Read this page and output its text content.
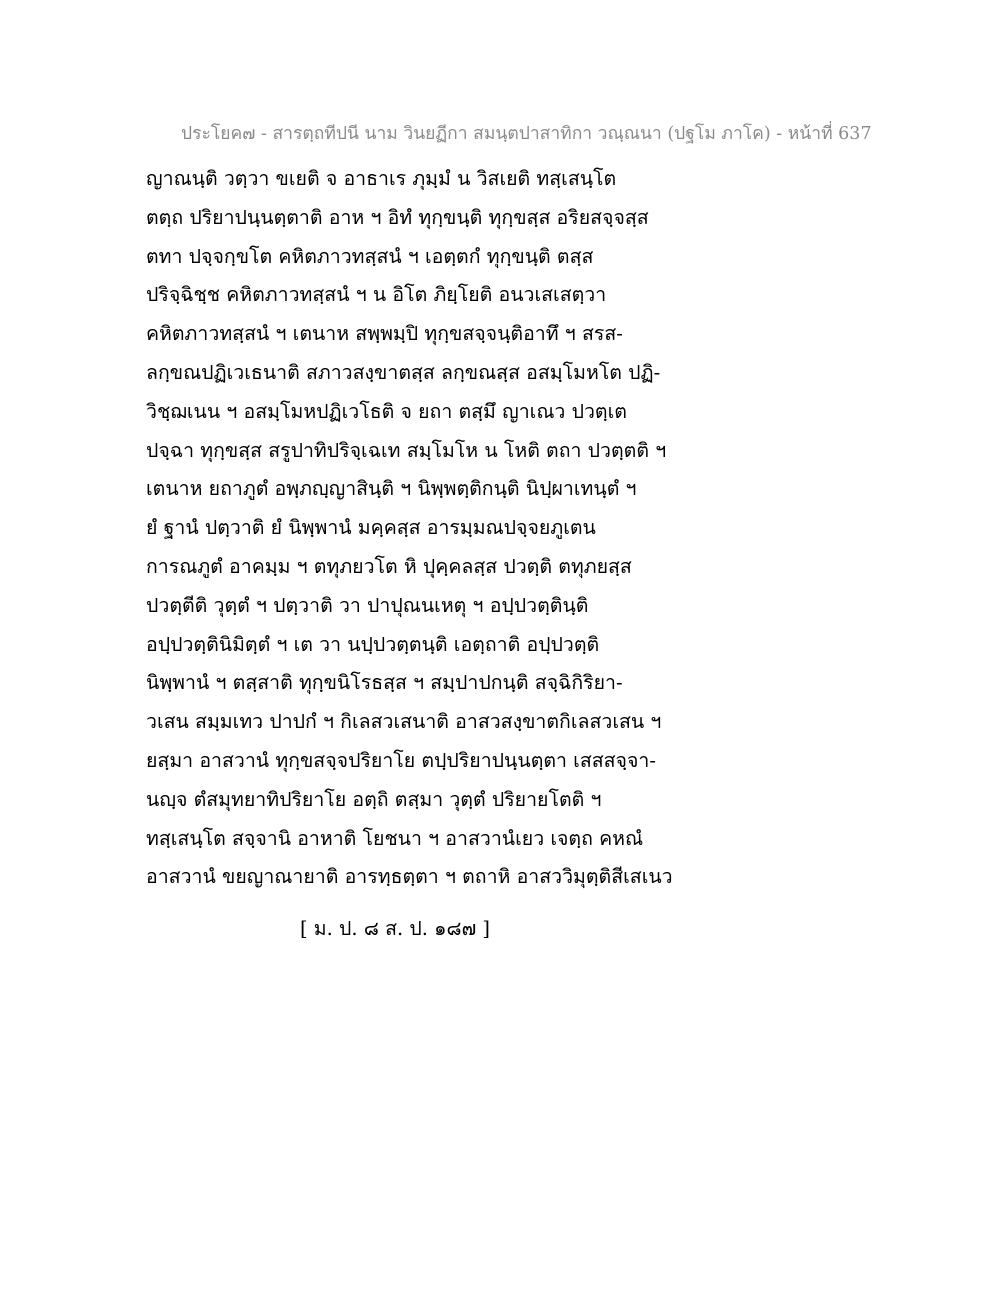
ประโยค๗ - สารตฺถทีปนี นาม วินยฏีกา สมนฺตปาสาทิกา วณฺณนา (ปฐโม ภาโค) - หน้าที่ 637
ญาณนฺติ วตฺวา ขเยติ จ อาธาเร ภุมฺมํ น วิสเยติ ทสฺเสนฺโต
ตตฺถ ปริยาปนฺนตฺตาติ อาห ฯ อิทํ ทุกฺขนฺติ ทุกฺขสฺส อริยสจฺจสฺส
ตทา ปจฺจกฺขโต คหิตภาวทสฺสนํ ฯ เอตฺตกํ ทุกฺขนฺติ ตสฺส
ปริจฺฉิชฺช คหิตภาวทสฺสนํ ฯ น อิโต ภิยฺโยติ อนวเสเสตฺวา
คหิตภาวทสฺสนํ ฯ เตนาห สพฺพมฺปิ ทุกฺขสจฺจนฺติอาทึ ฯ สรส-
ลกฺขณปฏิเวเธนาติ สภาวสงฺขาตสฺส ลกฺขณสฺส อสมฺโมหโต ปฏิ-
วิชฺฌเนน ฯ อสมฺโมหปฏิเวโธติ จ ยถา ตสฺมึ ญาเณว ปวตฺเต
ปจฺฉา ทุกฺขสฺส สรูปาทิปริจฺเฉเท สมฺโมโห น โหติ ตถา ปวตฺตติ ฯ
เตนาห ยถาภูตํ อพฺภญฺญาสินฺติ ฯ นิพฺพตฺติกนฺติ นิปฺผาเทนฺตํ ฯ
ยํ ฐานํ ปตฺวาติ ยํ นิพฺพานํ มคฺคสฺส อารมฺมณปจฺจยภูเตน
การณภูตํ อาคมฺม ฯ ตทุภยวโต หิ ปุคฺคลสฺส ปวตฺติ ตทุภยสฺส
ปวตฺตีติ วุตฺตํ ฯ ปตฺวาติ วา ปาปุณนเหตุ ฯ อปฺปวตฺตินฺติ
อปฺปวตฺตินิมิตฺตํ ฯ เต วา นปฺปวตฺตนฺติ เอตฺถาติ อปฺปวตฺติ
นิพฺพานํ ฯ ตสฺสาติ ทุกฺขนิโรธสฺส ฯ สมฺปาปกนฺติ สจฺฉิกิริยา-
วเสน สมฺมเทว ปาปกํ ฯ กิเลสวเสนาติ อาสวสงฺขาตกิเลสวเสน ฯ
ยสฺมา อาสวานํ ทุกฺขสจฺจปริยาโย ตปฺปริยาปนฺนตฺตา เสสสจฺจา-
นญฺจ ตํสมุทยาทิปริยาโย อตฺถิ ตสฺมา วุตฺตํ ปริยายโตติ ฯ
ทสฺเสนฺโต สจฺจานิ อาหาติ โยชนา ฯ อาสวานํเยว เจตฺถ คหณํ
อาสวานํ ขยญาณายาติ อารทฺธตฺตา ฯ ตถาหิ อาสววิมุตฺติสีเสเนว
[ ม. ป. ๘ ส. ป. ๑๘๗ ]
